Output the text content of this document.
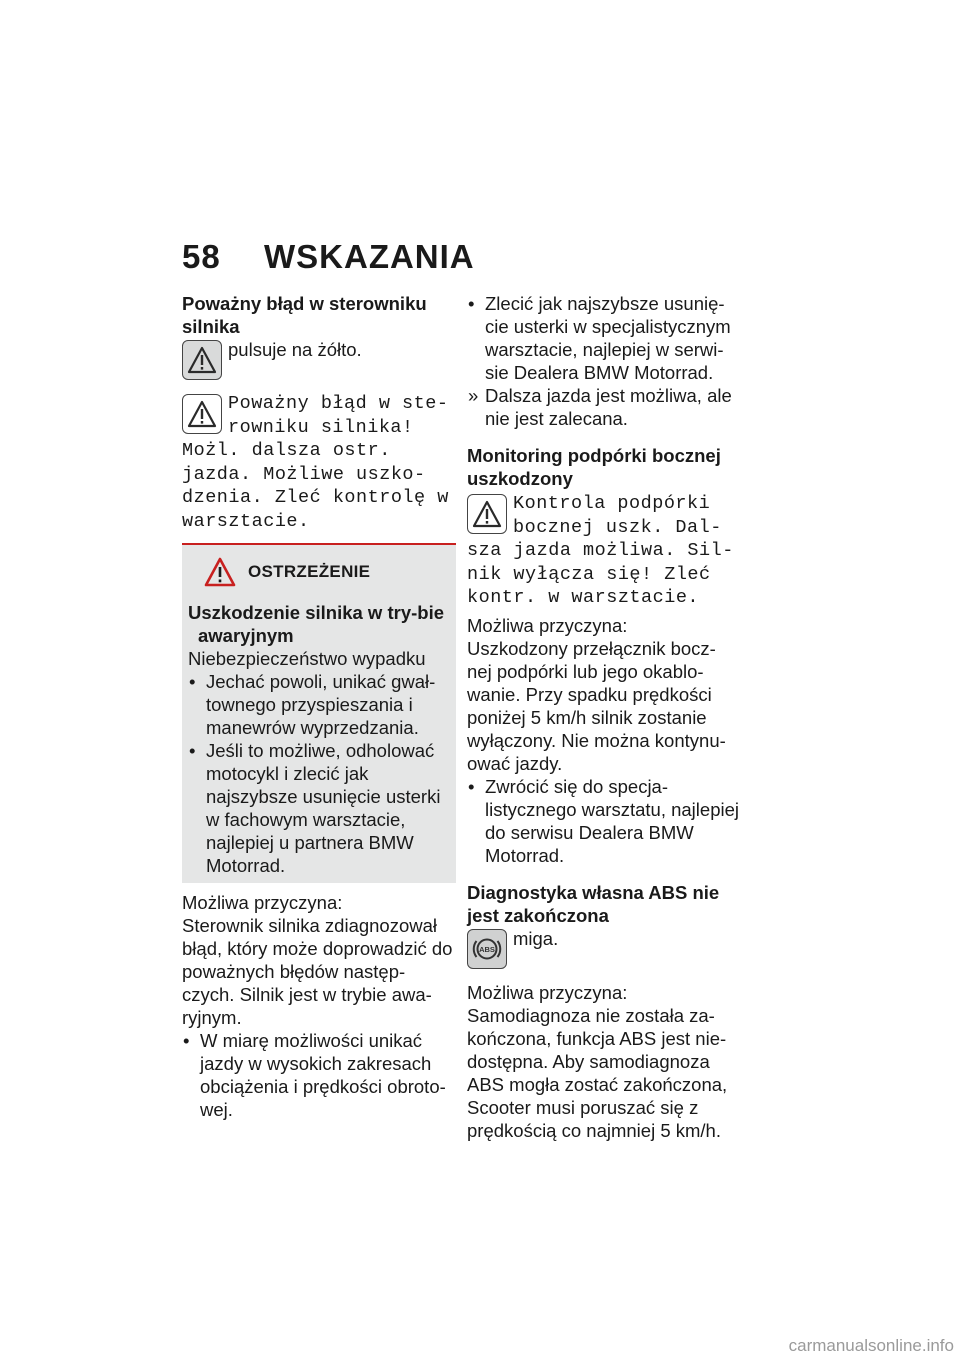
58 WSKAZANIA

Poważny błąd w sterowniku silnika

pulsuje na żółto.

Poważny błąd w ste-
rowniku silnika!
Możl. dalsza ostr.
jazda. Możliwe uszko-
dzenia. Zleć kontrolę w
warsztacie.
OSTRZEŻENIE

Uszkodzenie silnika w try-bie awaryjnym

Niebezpieczeństwo wypadku

• Jechać powoli, unikać gwał-townego przyspieszania i manewrów wyprzedzania.
• Jeśli to możliwe, odholować motocykl i zlecić jak najszybsze usunięcie usterki w fachowym warsztacie, najlepiej u partnera BMW Motorrad.

Możliwa przyczyna:

Sterownik silnika zdiagnozował błąd, który może doprowadzić do poważnych błędów następ-czych. Silnik jest w trybie awa-ryjnym.

• W miarę możliwości unikać jazdy w wysokich zakresach obciążenia i prędkości obroto-wej.
• Zlecić jak najszybsze usunię-cie usterki w specjalistycznym warsztacie, najlepiej w serwi-sie Dealera BMW Motorrad.
» Dalsza jazda jest możliwa, ale nie jest zalecana.

Monitoring podpórki bocznej uszkodzony

Kontrola podpórki
bocznej uszk. Dal-
sza jazda możliwa. Sil-
nik wyłącza się! Zleć
kontr. w warsztacie.

Możliwa przyczyna:

Uszkodzony przełącznik bocz-nej podpórki lub jego okablo-wanie. Przy spadku prędkości poniżej 5 km/h silnik zostanie wyłączony. Nie można kontynu-ować jazdy.

• Zwrócić się do specja-listycznego warsztatu, najlepiej do serwisu Dealera BMW Motorrad.

Diagnostyka własna ABS nie jest zakończona

ABS

miga.

Możliwa przyczyna:

Samodiagnoza nie została za-kończona, funkcja ABS jest nie-dostępna. Aby samodiagnoza ABS mogła zostać zakończona, Scooter musi poruszać się z prędkością co najmniej 5 km/h.

carmanualsonline.info
